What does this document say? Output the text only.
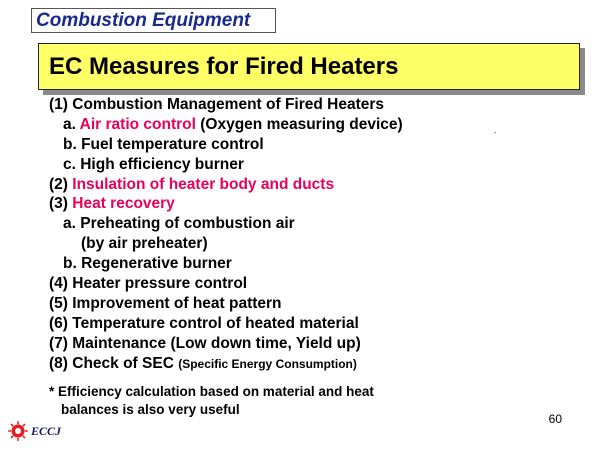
Combustion Equipment
EC Measures for Fired Heaters
(1) Combustion Management of Fired Heaters
a. Air ratio control (Oxygen measuring device)
b. Fuel temperature control
c. High efficiency burner
(2) Insulation of heater body and ducts
(3) Heat recovery
a. Preheating of combustion air
(by air preheater)
b. Regenerative burner
(4) Heater pressure control
(5) Improvement of heat pattern
(6) Temperature control of heated material
(7) Maintenance (Low down time, Yield up)
(8) Check of SEC (Specific Energy Consumption)
* Efficiency calculation based on material and heat
balances is also very useful
60
ECCJ
